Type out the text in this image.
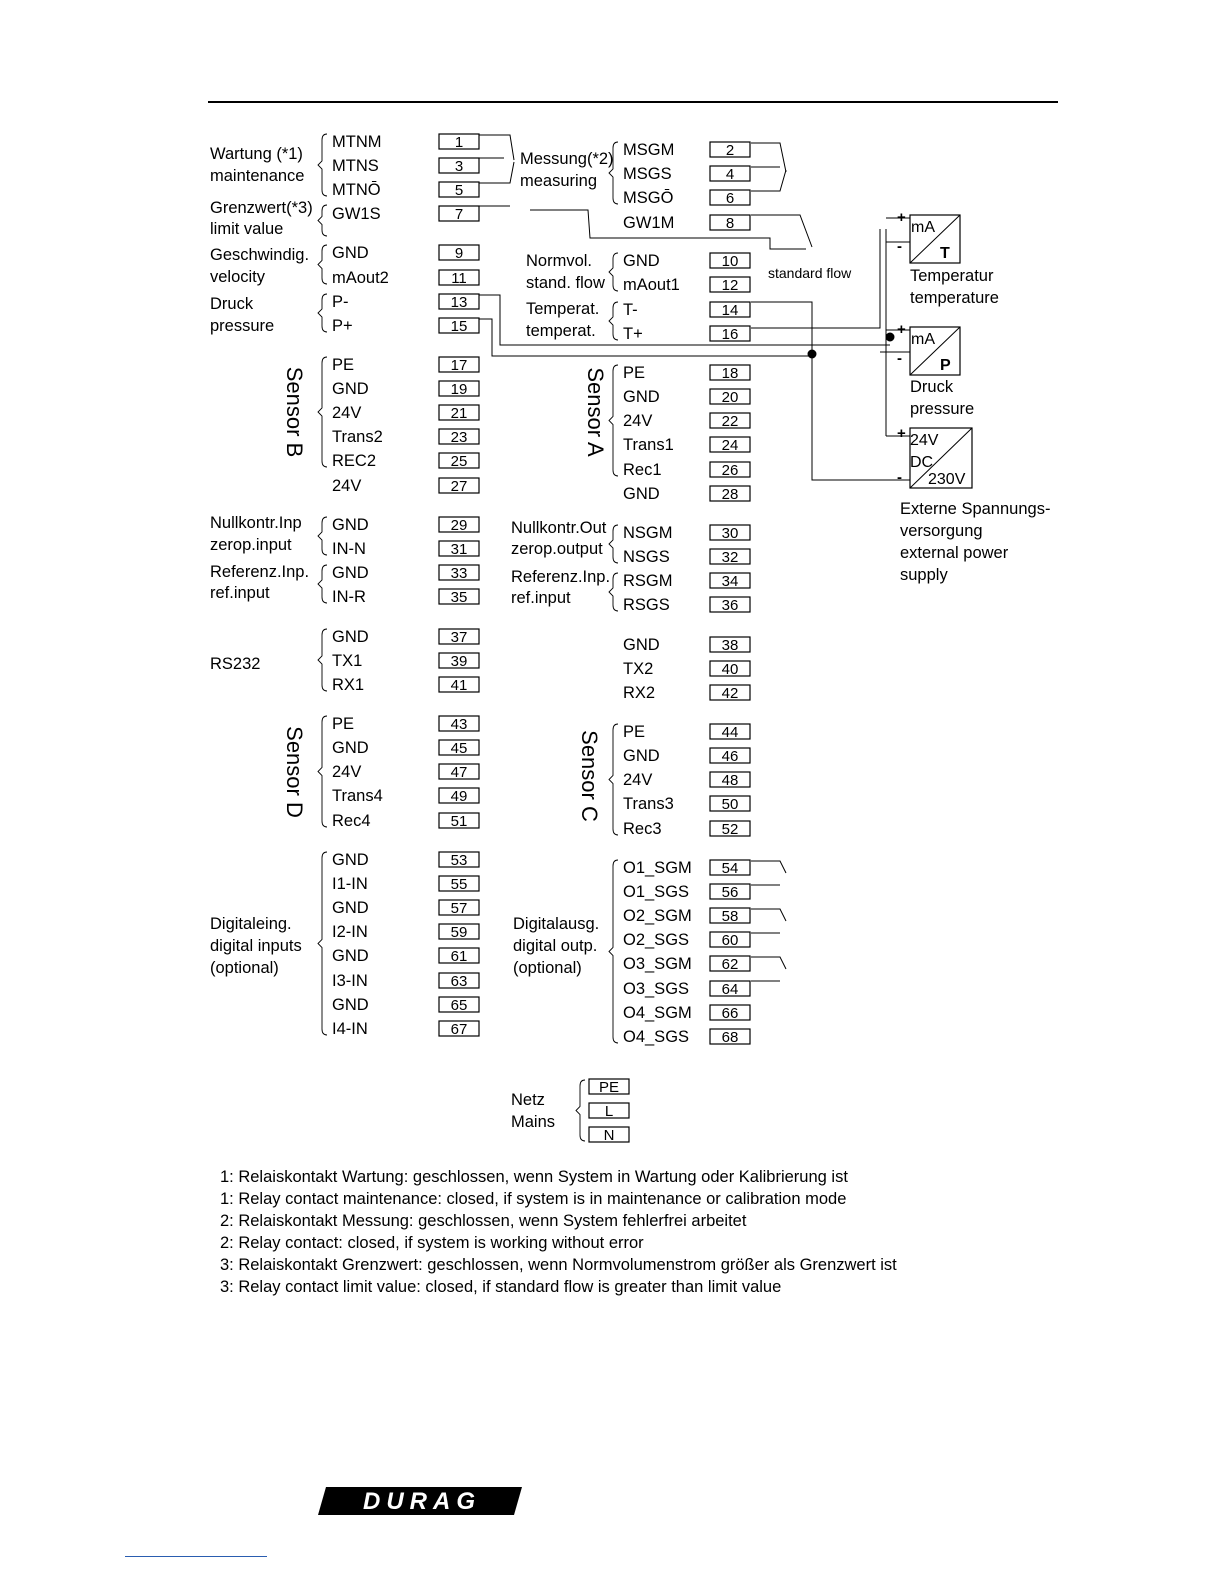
MTNM	1
MTNS	3
MTNŌ	5
GW1S	7
GND	9
mAout2	11
P-	13
P+	15
PE	17
GND	19
24V	21
Trans2	23
REC2	25
24V	27
GND	29
IN-N	31
GND	33
IN-R	35
GND	37
TX1	39
RX1	41
PE	43
GND	45
24V	47
Trans4	49
Rec4	51
GND	53
I1-IN	55
GND	57
I2-IN	59
GND	61
I3-IN	63
GND	65
I4-IN	67
MSGM	2
MSGS	4
MSGŌ	6
GW1M	8
GND	10
mAout1	12
T-	14
T+	16
PE	18
GND	20
24V	22
Trans1	24
Rec1	26
GND	28
NSGM	30
NSGS	32
RSGM	34
RSGS	36
GND	38
TX2	40
RX2	42
PE	44
GND	46
24V	48
Trans3	50
Rec3	52
O1_SGM 54
O1_SGS 56
O2_SGM 58
O2_SGS 60
O3_SGM 62
O3_SGS 64
O4_SGM 66
O4_SGS 68
PE
L
N
Wartung (*1)
maintenance
Grenzwert(*3)
limit value
Geschwindig.
velocity
Druck
pressure
Nullkontr.Inp
zerop.input
Referenz.Inp.
ref.input
RS232
Digitaleing.
digital inputs
(optional)
Messung(*2)
measuring
Normvol.
stand. flow
Temperat.
temperat.
Nullkontr.Out
zerop.output
Referenz.Inp.
ref.input
Digitalausg.
digital outp.
(optional)
Netz
Mains
Sensor B	Sensor A
Sensor D	Sensor C
standard flow
mA
T
mA
P
24V
DC
230V
+
+
+
-
-
-
Temperatur
temperature
Druck
pressure
Externe Spannungs-
versorgung
external power
supply
1: Relaiskontakt Wartung: geschlossen, wenn System in Wartung oder Kalibrierung ist
1: Relay contact maintenance: closed, if system is in maintenance or calibration mode
2: Relaiskontakt Messung: geschlossen, wenn System fehlerfrei arbeitet
2: Relay contact: closed, if system is working without error
3: Relaiskontakt Grenzwert: geschlossen, wenn Normvolumenstrom größer als Grenzwert ist
3: Relay contact limit value: closed, if standard flow is greater than limit value
DURAG
